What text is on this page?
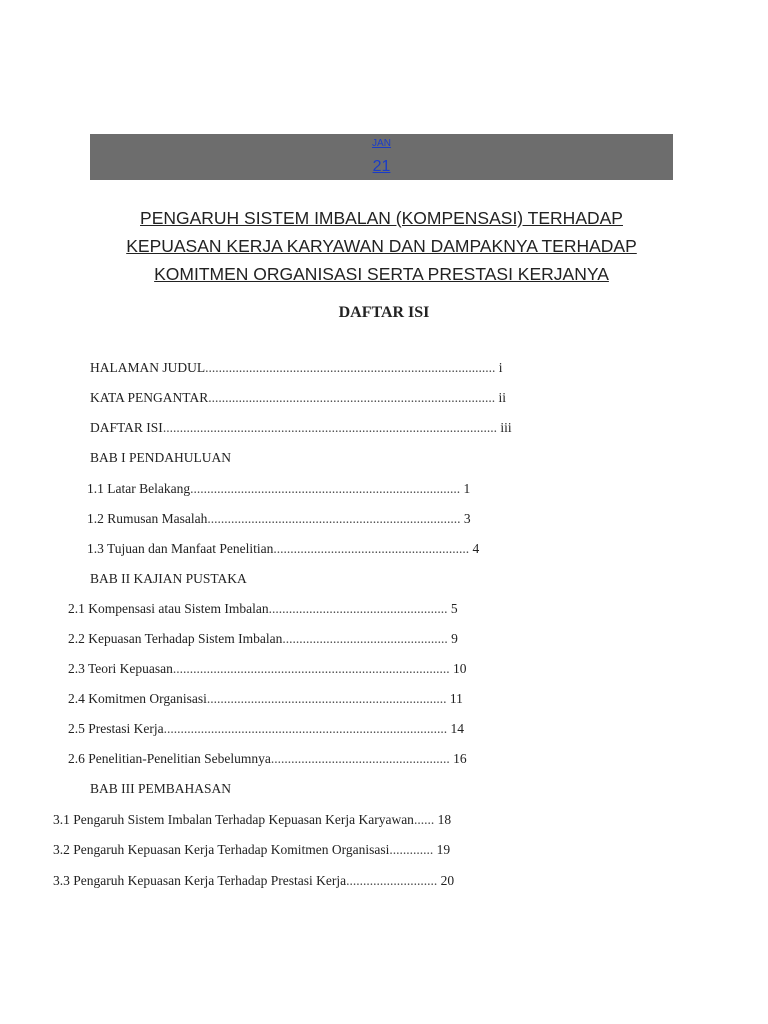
JAN
21
PENGARUH SISTEM IMBALAN (KOMPENSASI) TERHADAP
KEPUASAN KERJA KARYAWAN DAN DAMPAKNYA TERHADAP
KOMITMEN ORGANISASI SERTA PRESTASI KERJANYA
DAFTAR ISI
HALAMAN JUDUL...................................................................................... i
KATA PENGANTAR..................................................................................... ii
DAFTAR ISI................................................................................................... iii
BAB I PENDAHULUAN
1.1 Latar Belakang................................................................................ 1
1.2 Rumusan Masalah........................................................................... 3
1.3 Tujuan dan Manfaat Penelitian.......................................................... 4
BAB II KAJIAN PUSTAKA
2.1 Kompensasi atau Sistem Imbalan..................................................... 5
2.2 Kepuasan Terhadap Sistem Imbalan................................................. 9
2.3 Teori Kepuasan.................................................................................. 10
2.4 Komitmen Organisasi....................................................................... 11
2.5 Prestasi Kerja.................................................................................... 14
2.6 Penelitian-Penelitian Sebelumnya..................................................... 16
BAB III PEMBAHASAN
3.1 Pengaruh Sistem Imbalan Terhadap Kepuasan Kerja Karyawan...... 18
3.2 Pengaruh Kepuasan Kerja Terhadap Komitmen Organisasi............. 19
3.3 Pengaruh Kepuasan Kerja Terhadap Prestasi Kerja........................... 20
